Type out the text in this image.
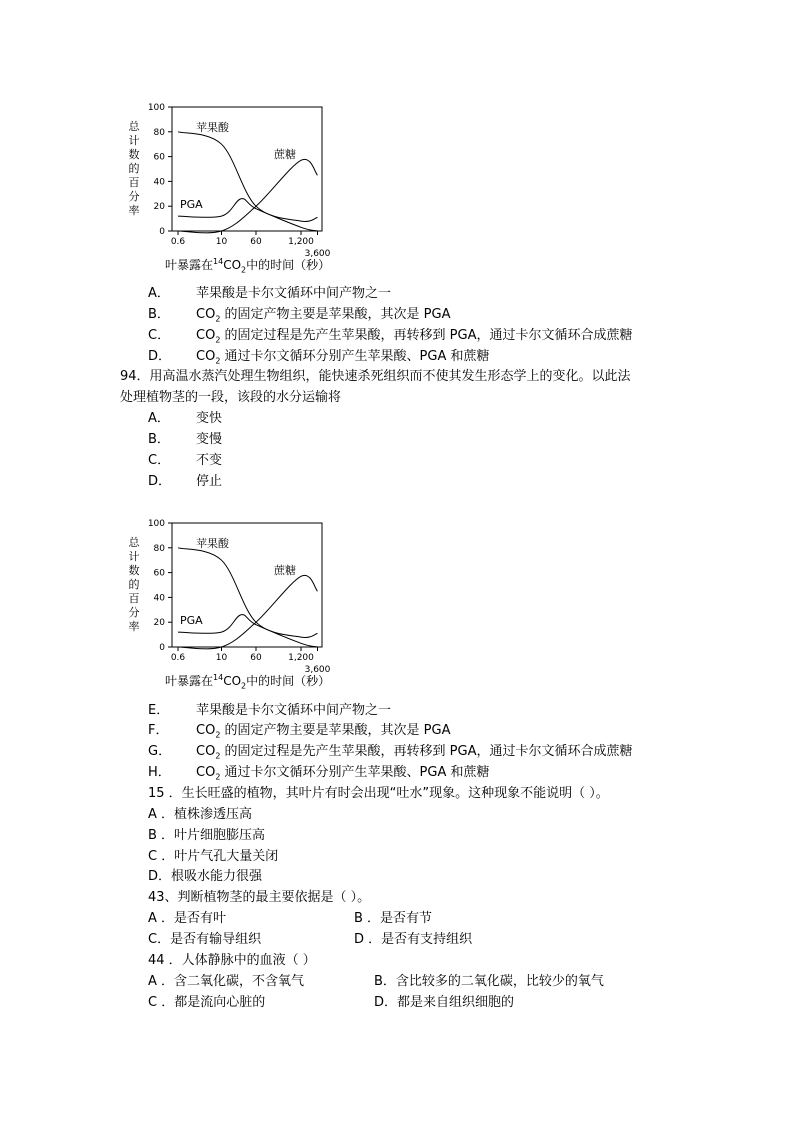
0
20
40
60
80
100
0.6	10	60	1,200
3,600
总
计
数
的
百
分
率
苹果酸
蔗糖
PGA
叶暴露在$^{14}CO_2$中的时间（秒）
A． 苹果酸是卡尔文循环中间产物之一
B． $CO_2$ 的固定产物主要是苹果酸，其次是 PGA
C． $CO_2$ 的固定过程是先产生苹果酸，再转移到 PGA，通过卡尔文循环合成蔗糖
D． $CO_2$ 通过卡尔文循环分别产生苹果酸、PGA 和蔗糖
94．用高温水蒸汽处理生物组织，能快速杀死组织而不使其发生形态学上的变化。以此法
处理植物茎的一段，该段的水分运输将
A． 变快
B． 变慢
C． 不变
D． 停止
0
20
40
60
80
100
0.6	10	60	1,200
3,600
总
计
数
的
百
分
率
苹果酸
蔗糖
PGA
叶暴露在$^{14}CO_2$中的时间（秒）
E． 苹果酸是卡尔文循环中间产物之一
F． $CO_2$ 的固定产物主要是苹果酸，其次是 PGA
G． $CO_2$ 的固定过程是先产生苹果酸，再转移到 PGA，通过卡尔文循环合成蔗糖
H． $CO_2$ 通过卡尔文循环分别产生苹果酸、PGA 和蔗糖
15 ．生长旺盛的植物，其叶片有时会出现“吐水”现象。这种现象不能说明（ ）。
A ．植株渗透压高
B ．叶片细胞膨压高
C ．叶片气孔大量关闭
D．根吸水能力很强
43、判断植物茎的最主要依据是（ ）。
A ．是否有叶	B ．是否有节
C．是否有输导组织	D ．是否有支持组织
44 ．人体静脉中的血液（ ）
A ．含二氧化碳，不含氧气	B．含比较多的二氧化碳，比较少的氧气
C ．都是流向心脏的	D．都是来自组织细胞的
